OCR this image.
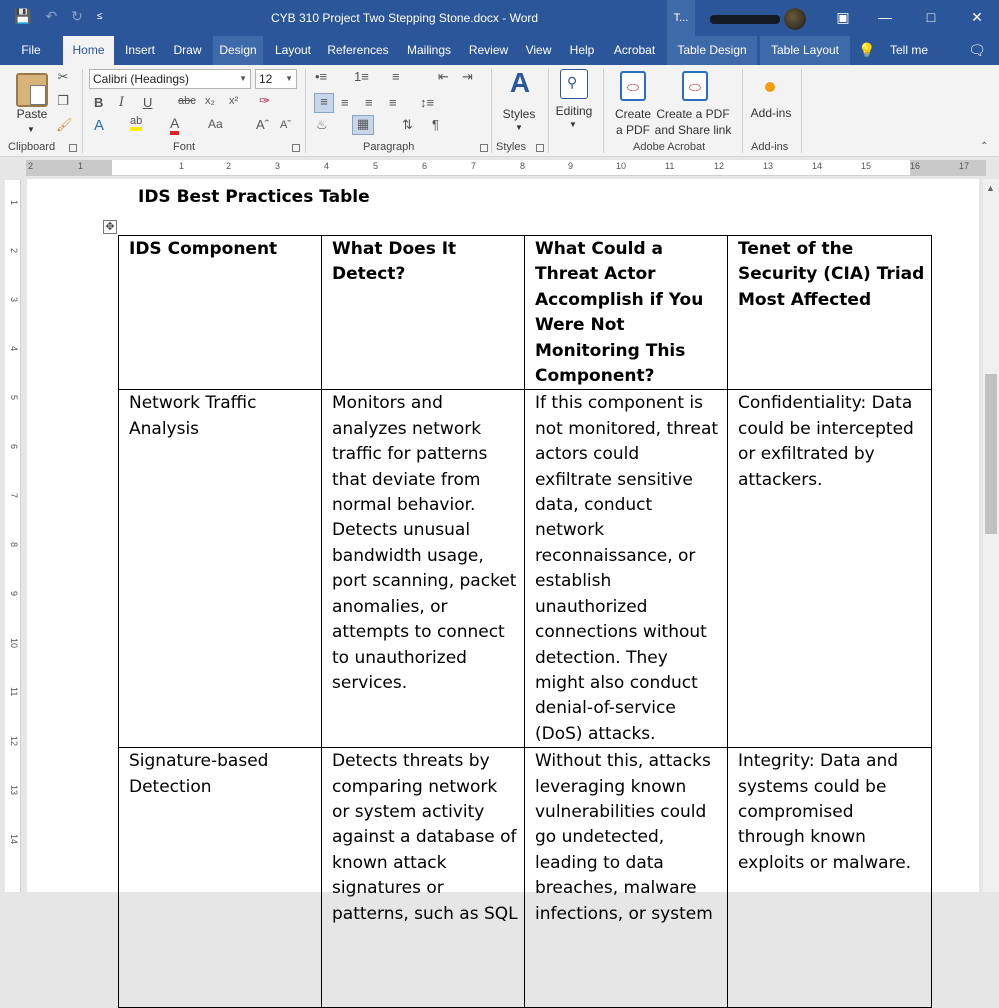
💾 ↶ ↻ ≤	CYB 310 Project Two Stepping Stone.docx - Word	T...	▣	—	□	✕
File	Home	Insert	Draw	Design	Layout	References	Mailings	Review	View	Help	Acrobat	Table Design	Table Layout	💡	Tell me	🗨
Paste
▼
✂
❐
🖌
Clipboard
Calibri (Headings)	▼	12 ▼
B I U abc x₂ x² ✑
A ab A Aa	Aˆ Aˇ
Font
•≡ 1≡ ≡	⇤ ⇥
≡	≡ ≡ ≡ ↕≡
♨	▦	⇅ ¶
Paragraph
A
Styles
▼
Styles
⚲
Editing
▼
⬭
Create
a PDF
⬭
Create a PDF
and Share link
Adobe Acrobat
Add-ins
Add-ins	⌃
2	1	1	2	3	4	5	6	7	8	9	10	11	12	13	14	15	16	17
1
2
3
4
5
6
7
8
9
10
11
12
13
14
IDS Best Practices Table
✥
IDS Component	What Does It Detect?	What Could a Threat Actor Accomplish if You Were Not Monitoring This Component?	Tenet of the Security (CIA) Triad Most Affected
Network Traffic Analysis	Monitors and analyzes network traffic for patterns that deviate from normal behavior. Detects unusual bandwidth usage, port scanning, packet anomalies, or attempts to connect to unauthorized services.	If this component is not monitored, threat actors could exfiltrate sensitive data, conduct network reconnaissance, or establish unauthorized connections without detection. They might also conduct denial-of-service (DoS) attacks.	Confidentiality: Data could be intercepted or exfiltrated by attackers.
Signature-based Detection	Detects threats by comparing network or system activity against a database of known attack signatures or patterns, such as SQL	Without this, attacks leveraging known vulnerabilities could go undetected, leading to data breaches, malware infections, or system	Integrity: Data and systems could be compromised through known exploits or malware.
▲
